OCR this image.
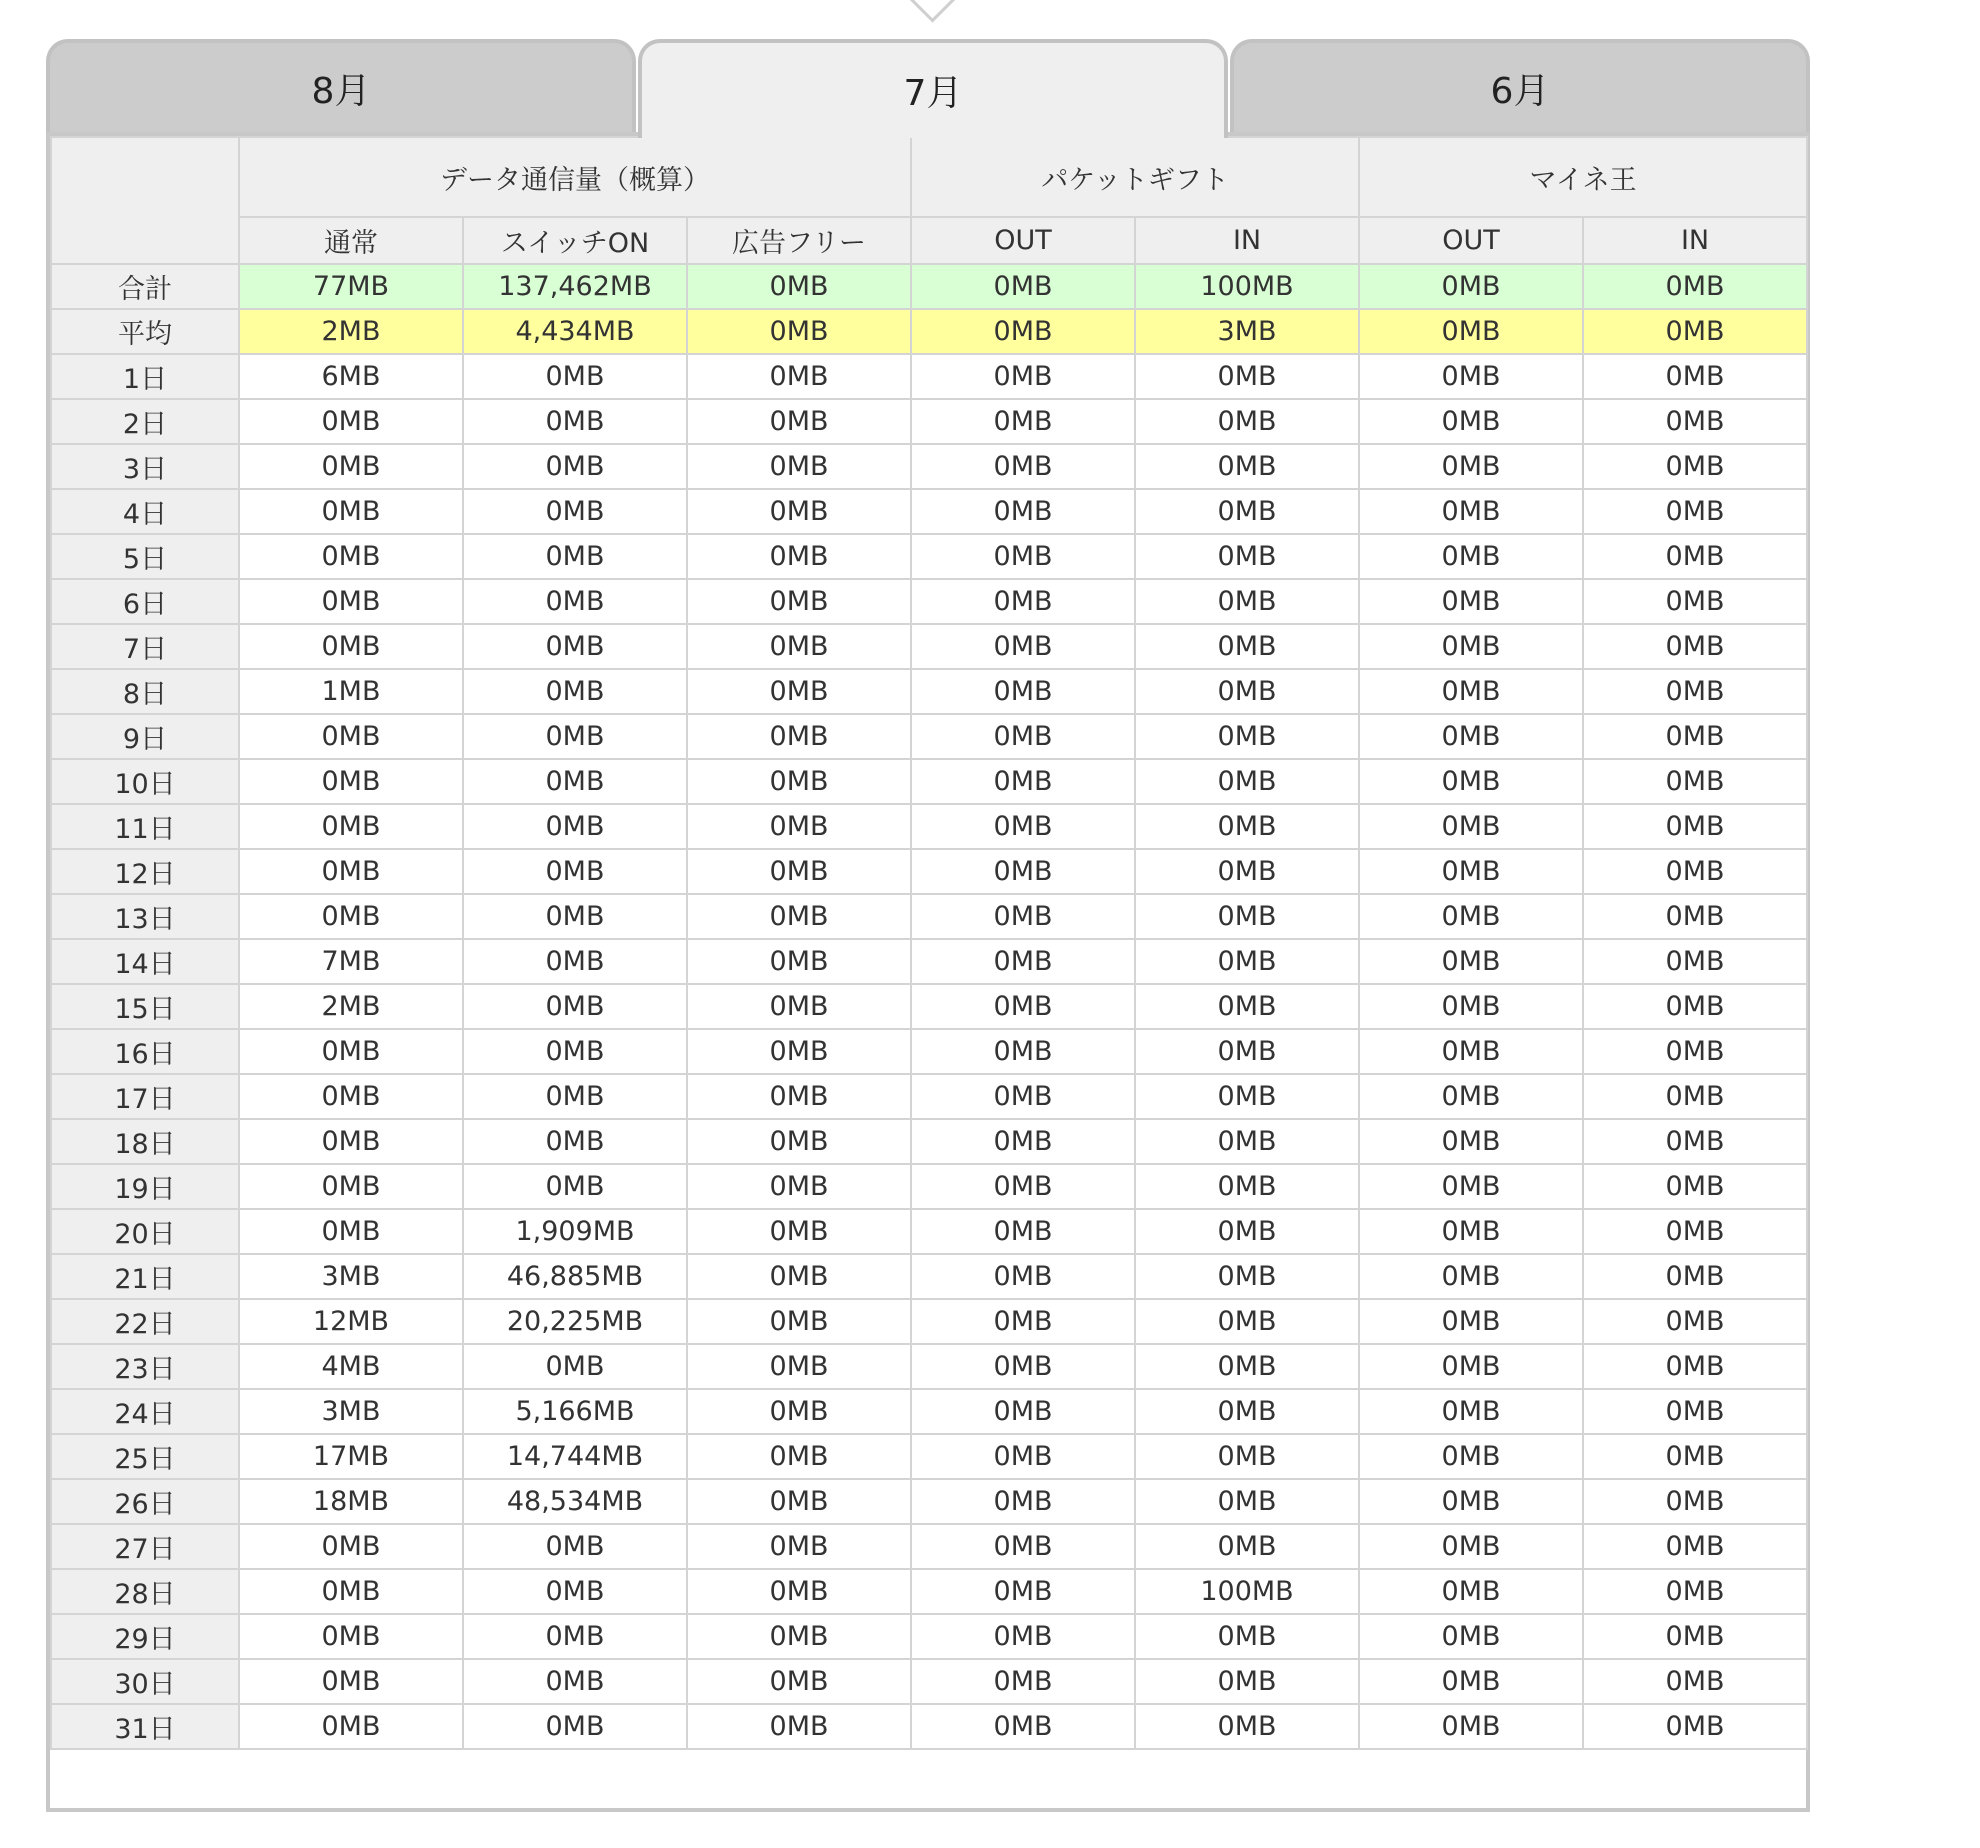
8月	7月	6月
	データ通信量（概算）			パケットギフト		マイネ王	
	通常	スイッチON	広告フリー	OUT	IN	OUT	IN
合計	77MB	137,462MB	0MB	0MB	100MB	0MB	0MB
平均	2MB	4,434MB	0MB	0MB	3MB	0MB	0MB
1日	6MB	0MB	0MB	0MB	0MB	0MB	0MB
2日	0MB	0MB	0MB	0MB	0MB	0MB	0MB
3日	0MB	0MB	0MB	0MB	0MB	0MB	0MB
4日	0MB	0MB	0MB	0MB	0MB	0MB	0MB
5日	0MB	0MB	0MB	0MB	0MB	0MB	0MB
6日	0MB	0MB	0MB	0MB	0MB	0MB	0MB
7日	0MB	0MB	0MB	0MB	0MB	0MB	0MB
8日	1MB	0MB	0MB	0MB	0MB	0MB	0MB
9日	0MB	0MB	0MB	0MB	0MB	0MB	0MB
10日	0MB	0MB	0MB	0MB	0MB	0MB	0MB
11日	0MB	0MB	0MB	0MB	0MB	0MB	0MB
12日	0MB	0MB	0MB	0MB	0MB	0MB	0MB
13日	0MB	0MB	0MB	0MB	0MB	0MB	0MB
14日	7MB	0MB	0MB	0MB	0MB	0MB	0MB
15日	2MB	0MB	0MB	0MB	0MB	0MB	0MB
16日	0MB	0MB	0MB	0MB	0MB	0MB	0MB
17日	0MB	0MB	0MB	0MB	0MB	0MB	0MB
18日	0MB	0MB	0MB	0MB	0MB	0MB	0MB
19日	0MB	0MB	0MB	0MB	0MB	0MB	0MB
20日	0MB	1,909MB	0MB	0MB	0MB	0MB	0MB
21日	3MB	46,885MB	0MB	0MB	0MB	0MB	0MB
22日	12MB	20,225MB	0MB	0MB	0MB	0MB	0MB
23日	4MB	0MB	0MB	0MB	0MB	0MB	0MB
24日	3MB	5,166MB	0MB	0MB	0MB	0MB	0MB
25日	17MB	14,744MB	0MB	0MB	0MB	0MB	0MB
26日	18MB	48,534MB	0MB	0MB	0MB	0MB	0MB
27日	0MB	0MB	0MB	0MB	0MB	0MB	0MB
28日	0MB	0MB	0MB	0MB	100MB	0MB	0MB
29日	0MB	0MB	0MB	0MB	0MB	0MB	0MB
30日	0MB	0MB	0MB	0MB	0MB	0MB	0MB
31日	0MB	0MB	0MB	0MB	0MB	0MB	0MB
